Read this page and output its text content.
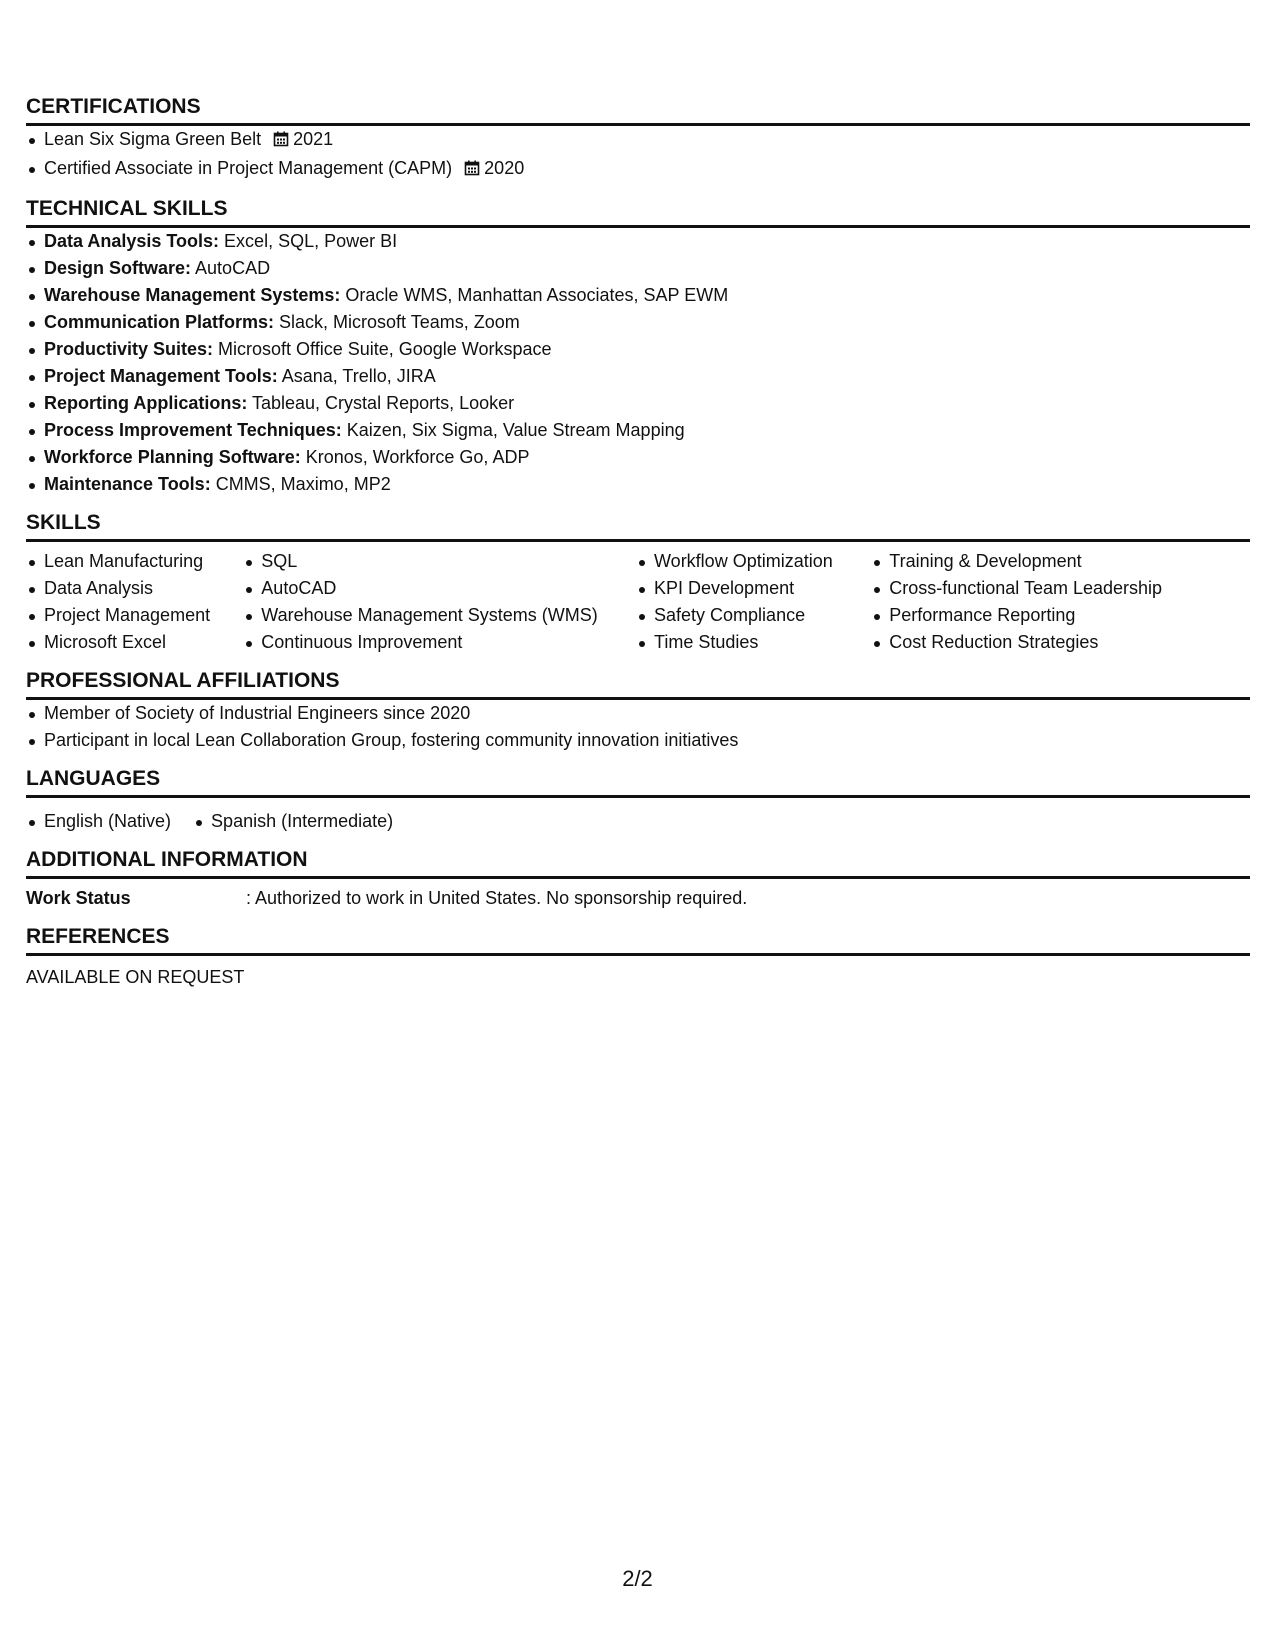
CERTIFICATIONS
Lean Six Sigma Green Belt 2021
Certified Associate in Project Management (CAPM) 2020
TECHNICAL SKILLS
Data Analysis Tools: Excel, SQL, Power BI
Design Software: AutoCAD
Warehouse Management Systems: Oracle WMS, Manhattan Associates, SAP EWM
Communication Platforms: Slack, Microsoft Teams, Zoom
Productivity Suites: Microsoft Office Suite, Google Workspace
Project Management Tools: Asana, Trello, JIRA
Reporting Applications: Tableau, Crystal Reports, Looker
Process Improvement Techniques: Kaizen, Six Sigma, Value Stream Mapping
Workforce Planning Software: Kronos, Workforce Go, ADP
Maintenance Tools: CMMS, Maximo, MP2
SKILLS
Lean Manufacturing
Data Analysis
Project Management
Microsoft Excel
SQL
AutoCAD
Warehouse Management Systems (WMS)
Continuous Improvement
Workflow Optimization
KPI Development
Safety Compliance
Time Studies
Training & Development
Cross-functional Team Leadership
Performance Reporting
Cost Reduction Strategies
PROFESSIONAL AFFILIATIONS
Member of Society of Industrial Engineers since 2020
Participant in local Lean Collaboration Group, fostering community innovation initiatives
LANGUAGES
English (Native)	Spanish (Intermediate)
ADDITIONAL INFORMATION
Work Status	: Authorized to work in United States. No sponsorship required.
REFERENCES
AVAILABLE ON REQUEST
2/2
